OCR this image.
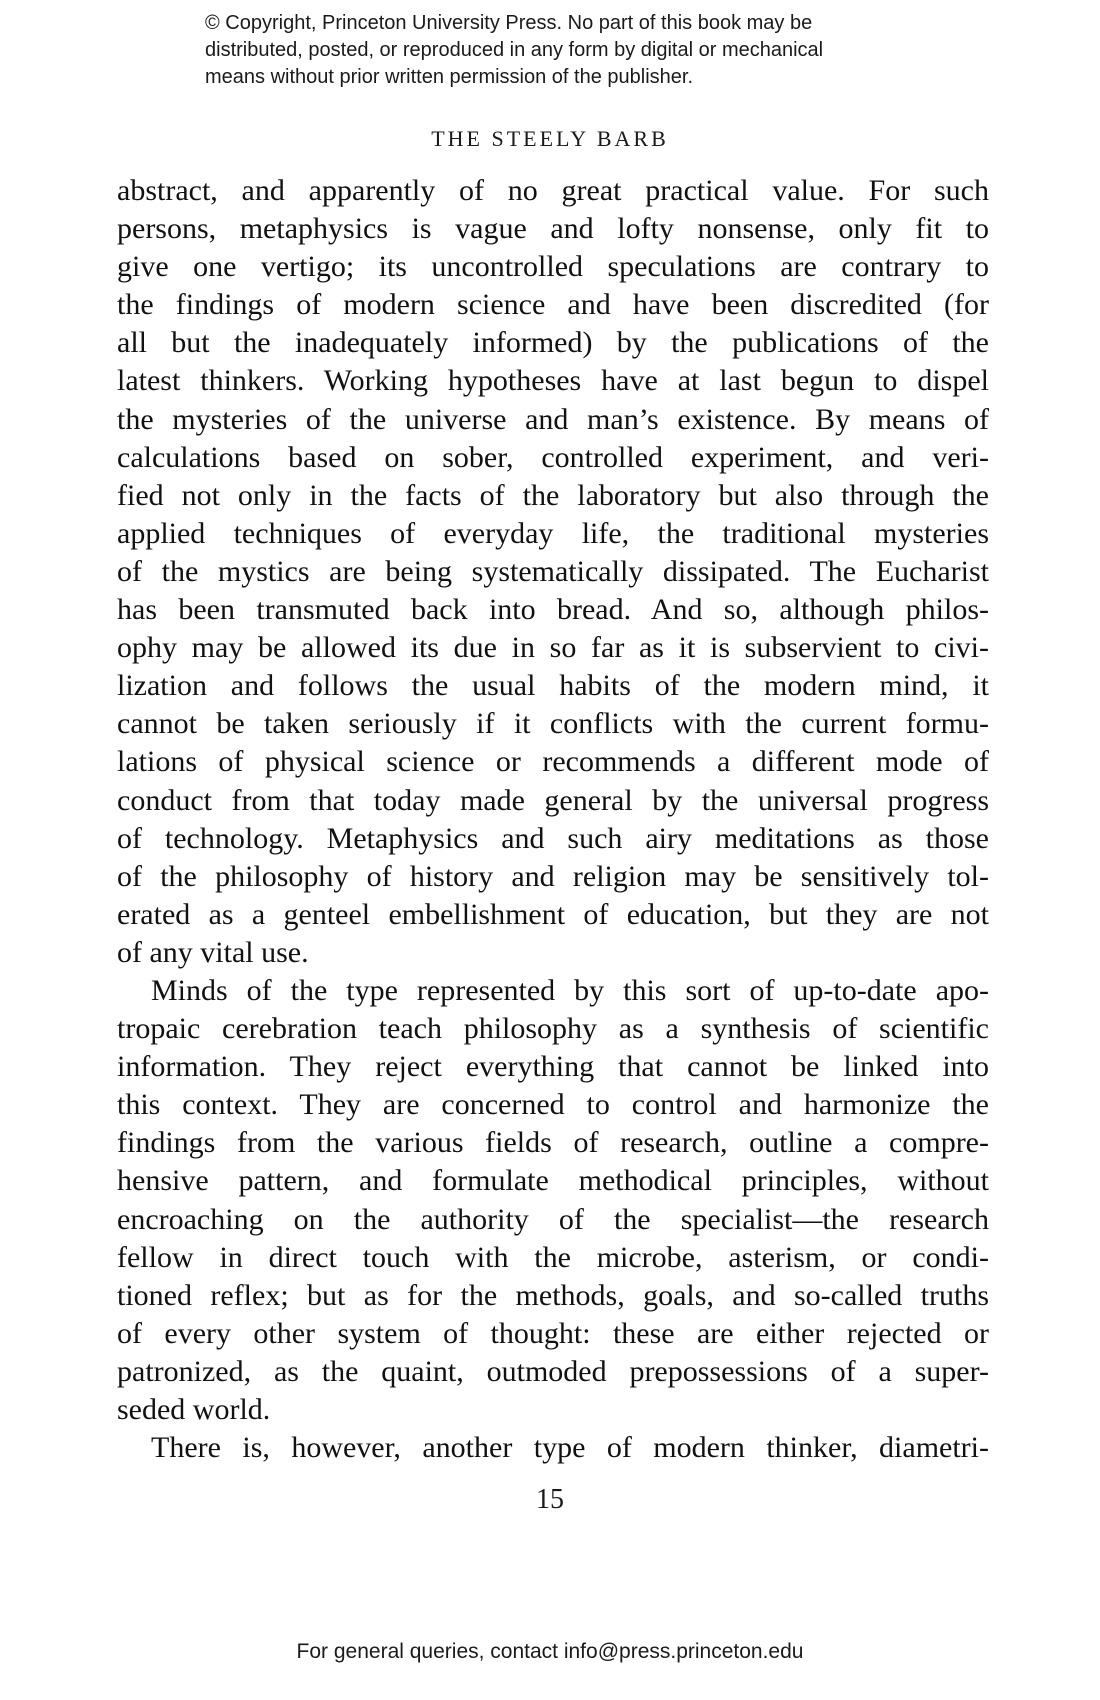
© Copyright, Princeton University Press. No part of this book may be
distributed, posted, or reproduced in any form by digital or mechanical
means without prior written permission of the publisher.
THE STEELY BARB
abstract, and apparently of no great practical value. For such
persons, metaphysics is vague and lofty nonsense, only fit to
give one vertigo; its uncontrolled speculations are contrary to
the findings of modern science and have been discredited (for
all but the inadequately informed) by the publications of the
latest thinkers. Working hypotheses have at last begun to dispel
the mysteries of the universe and man’s existence. By means of
calculations based on sober, controlled experiment, and veri-
fied not only in the facts of the laboratory but also through the
applied techniques of everyday life, the traditional mysteries
of the mystics are being systematically dissipated. The Eucharist
has been transmuted back into bread. And so, although philos-
ophy may be allowed its due in so far as it is subservient to civi-
lization and follows the usual habits of the modern mind, it
cannot be taken seriously if it conflicts with the current formu-
lations of physical science or recommends a different mode of
conduct from that today made general by the universal progress
of technology. Metaphysics and such airy meditations as those
of the philosophy of history and religion may be sensitively tol-
erated as a genteel embellishment of education, but they are not
of any vital use.
Minds of the type represented by this sort of up-to-date apo-
tropaic cerebration teach philosophy as a synthesis of scientific
information. They reject everything that cannot be linked into
this context. They are concerned to control and harmonize the
findings from the various fields of research, outline a compre-
hensive pattern, and formulate methodical principles, without
encroaching on the authority of the specialist—the research
fellow in direct touch with the microbe, asterism, or condi-
tioned reflex; but as for the methods, goals, and so-called truths
of every other system of thought: these are either rejected or
patronized, as the quaint, outmoded prepossessions of a super-
seded world.
There is, however, another type of modern thinker, diametri-
15
For general queries, contact info@press.princeton.edu
